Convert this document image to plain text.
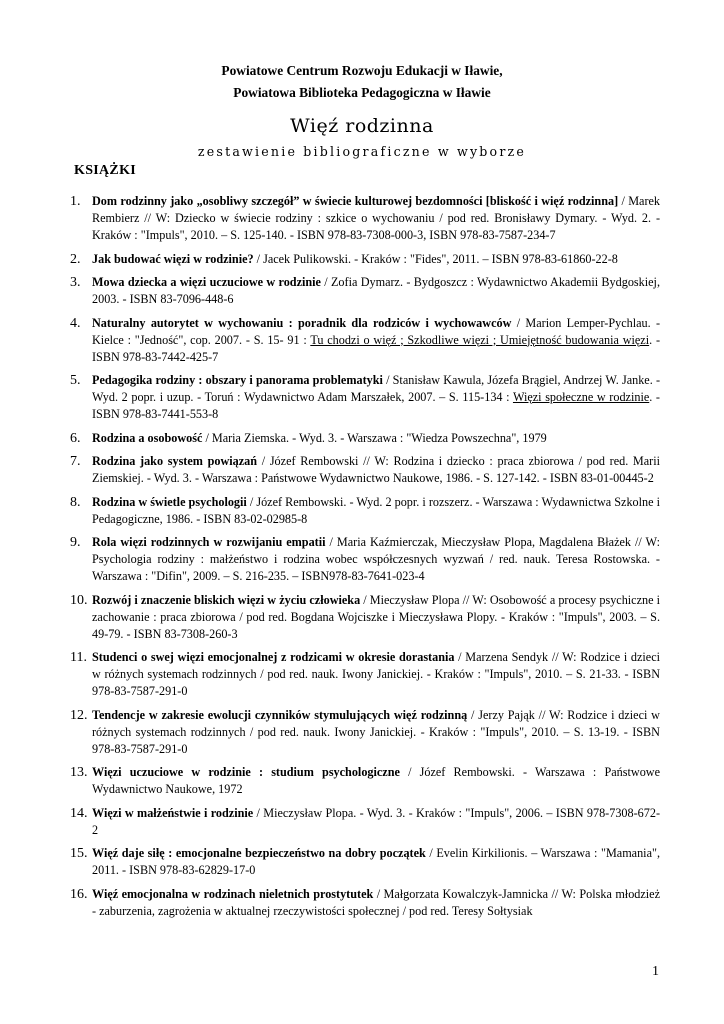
Powiatowe Centrum Rozwoju Edukacji w Iławie,
Powiatowa Biblioteka Pedagogiczna w Iławie
Więź rodzinna
zestawienie bibliograficzne w wyborze
KSIĄŻKI
1. Dom rodzinny jako „osobliwy szczegół” w świecie kulturowej bezdomności [bliskość i więź rodzinna] / Marek Rembierz // W: Dziecko w świecie rodziny : szkice o wychowaniu / pod red. Bronisławy Dymary. - Wyd. 2. - Kraków : "Impuls", 2010. – S. 125-140. - ISBN 978-83-7308-000-3, ISBN 978-83-7587-234-7
2. Jak budować więzi w rodzinie? / Jacek Pulikowski. - Kraków : "Fides", 2011. – ISBN 978-83-61860-22-8
3. Mowa dziecka a więzi uczuciowe w rodzinie / Zofia Dymarz. - Bydgoszcz : Wydawnictwo Akademii Bydgoskiej, 2003. - ISBN 83-7096-448-6
4. Naturalny autorytet w wychowaniu : poradnik dla rodziców i wychowawców / Marion Lemper-Pychlau. - Kielce : "Jedność", cop. 2007. - S. 15- 91 : Tu chodzi o więź ; Szkodliwe więzi ; Umiejętność budowania więzi. - ISBN 978-83-7442-425-7
5. Pedagogika rodziny : obszary i panorama problematyki / Stanisław Kawula, Józefa Brągiel, Andrzej W. Janke. - Wyd. 2 popr. i uzup. - Toruń : Wydawnictwo Adam Marszałek, 2007. – S. 115-134 : Więzi społeczne w rodzinie. - ISBN 978-83-7441-553-8
6. Rodzina a osobowość / Maria Ziemska. - Wyd. 3. - Warszawa : "Wiedza Powszechna", 1979
7. Rodzina jako system powiązań / Józef Rembowski // W: Rodzina i dziecko : praca zbiorowa / pod red. Marii Ziemskiej. - Wyd. 3. - Warszawa : Państwowe Wydawnictwo Naukowe, 1986. - S. 127-142. - ISBN 83-01-00445-2
8. Rodzina w świetle psychologii / Józef Rembowski. - Wyd. 2 popr. i rozszerz. - Warszawa : Wydawnictwa Szkolne i Pedagogiczne, 1986. - ISBN 83-02-02985-8
9. Rola więzi rodzinnych w rozwijaniu empatii / Maria Kaźmierczak, Mieczysław Plopa, Magdalena Błażek // W: Psychologia rodziny : małżeństwo i rodzina wobec współczesnych wyzwań / red. nauk. Teresa Rostowska. - Warszawa : "Difin", 2009. – S. 216-235. – ISBN978-83-7641-023-4
10. Rozwój i znaczenie bliskich więzi w życiu człowieka / Mieczysław Plopa // W: Osobowość a procesy psychiczne i zachowanie : praca zbiorowa / pod red. Bogdana Wojciszke i Mieczysława Plopy. - Kraków : "Impuls", 2003. – S. 49-79. - ISBN 83-7308-260-3
11. Studenci o swej więzi emocjonalnej z rodzicami w okresie dorastania / Marzena Sendyk // W: Rodzice i dzieci w różnych systemach rodzinnych / pod red. nauk. Iwony Janickiej. - Kraków : "Impuls", 2010. – S. 21-33. - ISBN 978-83-7587-291-0
12. Tendencje w zakresie ewolucji czynników stymulujących więź rodzinną / Jerzy Pająk // W: Rodzice i dzieci w różnych systemach rodzinnych / pod red. nauk. Iwony Janickiej. - Kraków : "Impuls", 2010. – S. 13-19. - ISBN 978-83-7587-291-0
13. Więzi uczuciowe w rodzinie : studium psychologiczne / Józef Rembowski. - Warszawa : Państwowe Wydawnictwo Naukowe, 1972
14. Więzi w małżeństwie i rodzinie / Mieczysław Plopa. - Wyd. 3. - Kraków : "Impuls", 2006. – ISBN 978-7308-672-2
15. Więź daje siłę : emocjonalne bezpieczeństwo na dobry początek / Evelin Kirkilionis. – Warszawa : "Mamania", 2011. - ISBN 978-83-62829-17-0
16. Więź emocjonalna w rodzinach nieletnich prostytutek / Małgorzata Kowalczyk-Jamnicka // W: Polska młodzież - zaburzenia, zagrożenia w aktualnej rzeczywistości społecznej / pod red. Teresy Sołtysiak
1
